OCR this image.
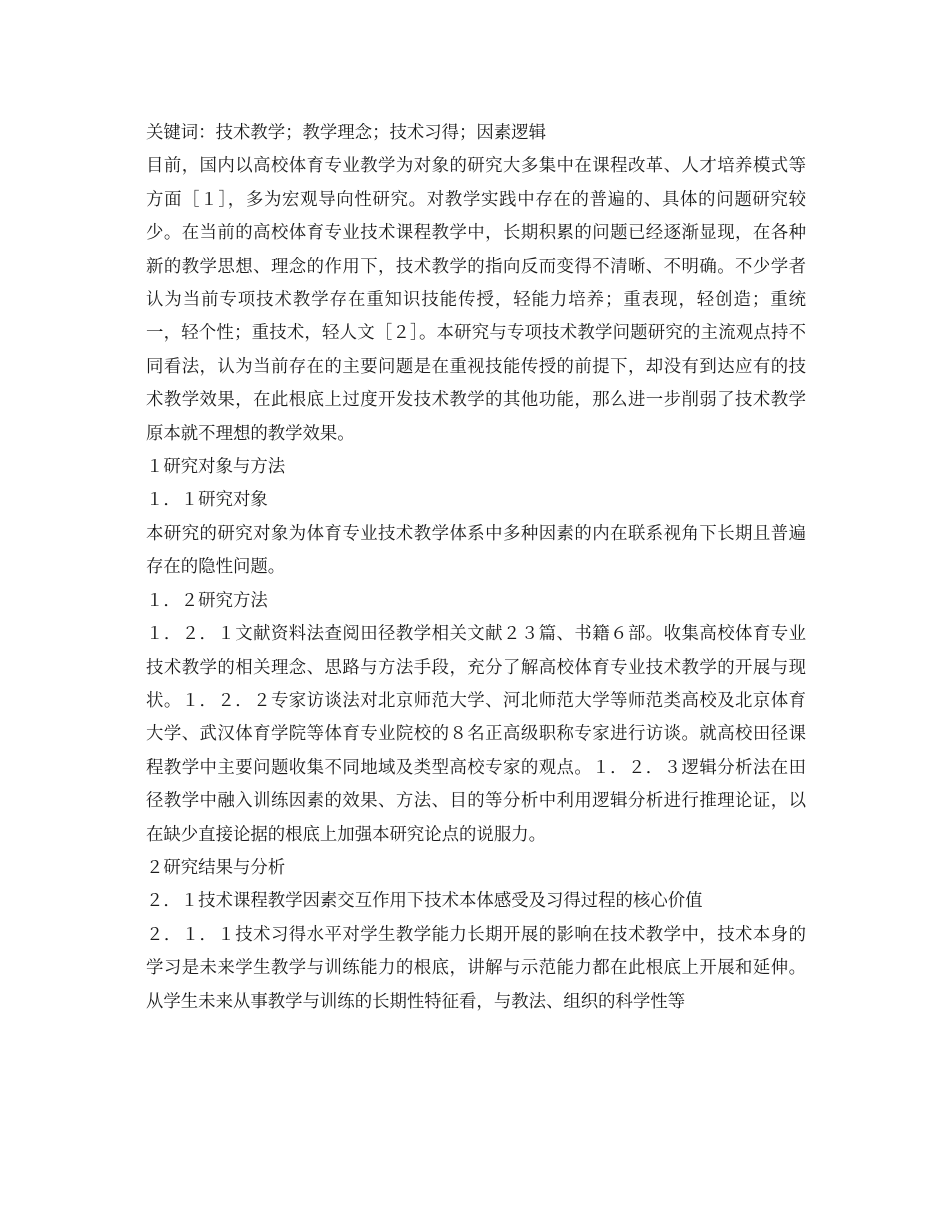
关键词：技术教学；教学理念；技术习得；因素逻辑

目前，国内以高校体育专业教学为对象的研究大多集中在课程改革、人才培养模式等方面［１］，多为宏观导向性研究。对教学实践中存在的普遍的、具体的问题研究较少。在当前的高校体育专业技术课程教学中，长期积累的问题已经逐渐显现，在各种新的教学思想、理念的作用下，技术教学的指向反而变得不清晰、不明确。不少学者认为当前专项技术教学存在重知识技能传授，轻能力培养；重表现，轻创造；重统一，轻个性；重技术，轻人文［２］。本研究与专项技术教学问题研究的主流观点持不同看法，认为当前存在的主要问题是在重视技能传授的前提下，却没有到达应有的技术教学效果，在此根底上过度开发技术教学的其他功能，那么进一步削弱了技术教学原本就不理想的教学效果。

１研究对象与方法

１．１研究对象

本研究的研究对象为体育专业技术教学体系中多种因素的内在联系视角下长期且普遍存在的隐性问题。

１．２研究方法

１．２．１文献资料法查阅田径教学相关文献２３篇、书籍６部。收集高校体育专业技术教学的相关理念、思路与方法手段，充分了解高校体育专业技术教学的开展与现状。１．２．２专家访谈法对北京师范大学、河北师范大学等师范类高校及北京体育大学、武汉体育学院等体育专业院校的８名正高级职称专家进行访谈。就高校田径课程教学中主要问题收集不同地域及类型高校专家的观点。１．２．３逻辑分析法在田径教学中融入训练因素的效果、方法、目的等分析中利用逻辑分析进行推理论证，以在缺少直接论据的根底上加强本研究论点的说服力。

２研究结果与分析

２．１技术课程教学因素交互作用下技术本体感受及习得过程的核心价值

２．１．１技术习得水平对学生教学能力长期开展的影响在技术教学中，技术本身的学习是未来学生教学与训练能力的根底，讲解与示范能力都在此根底上开展和延伸。从学生未来从事教学与训练的长期性特征看，与教法、组织的科学性等
